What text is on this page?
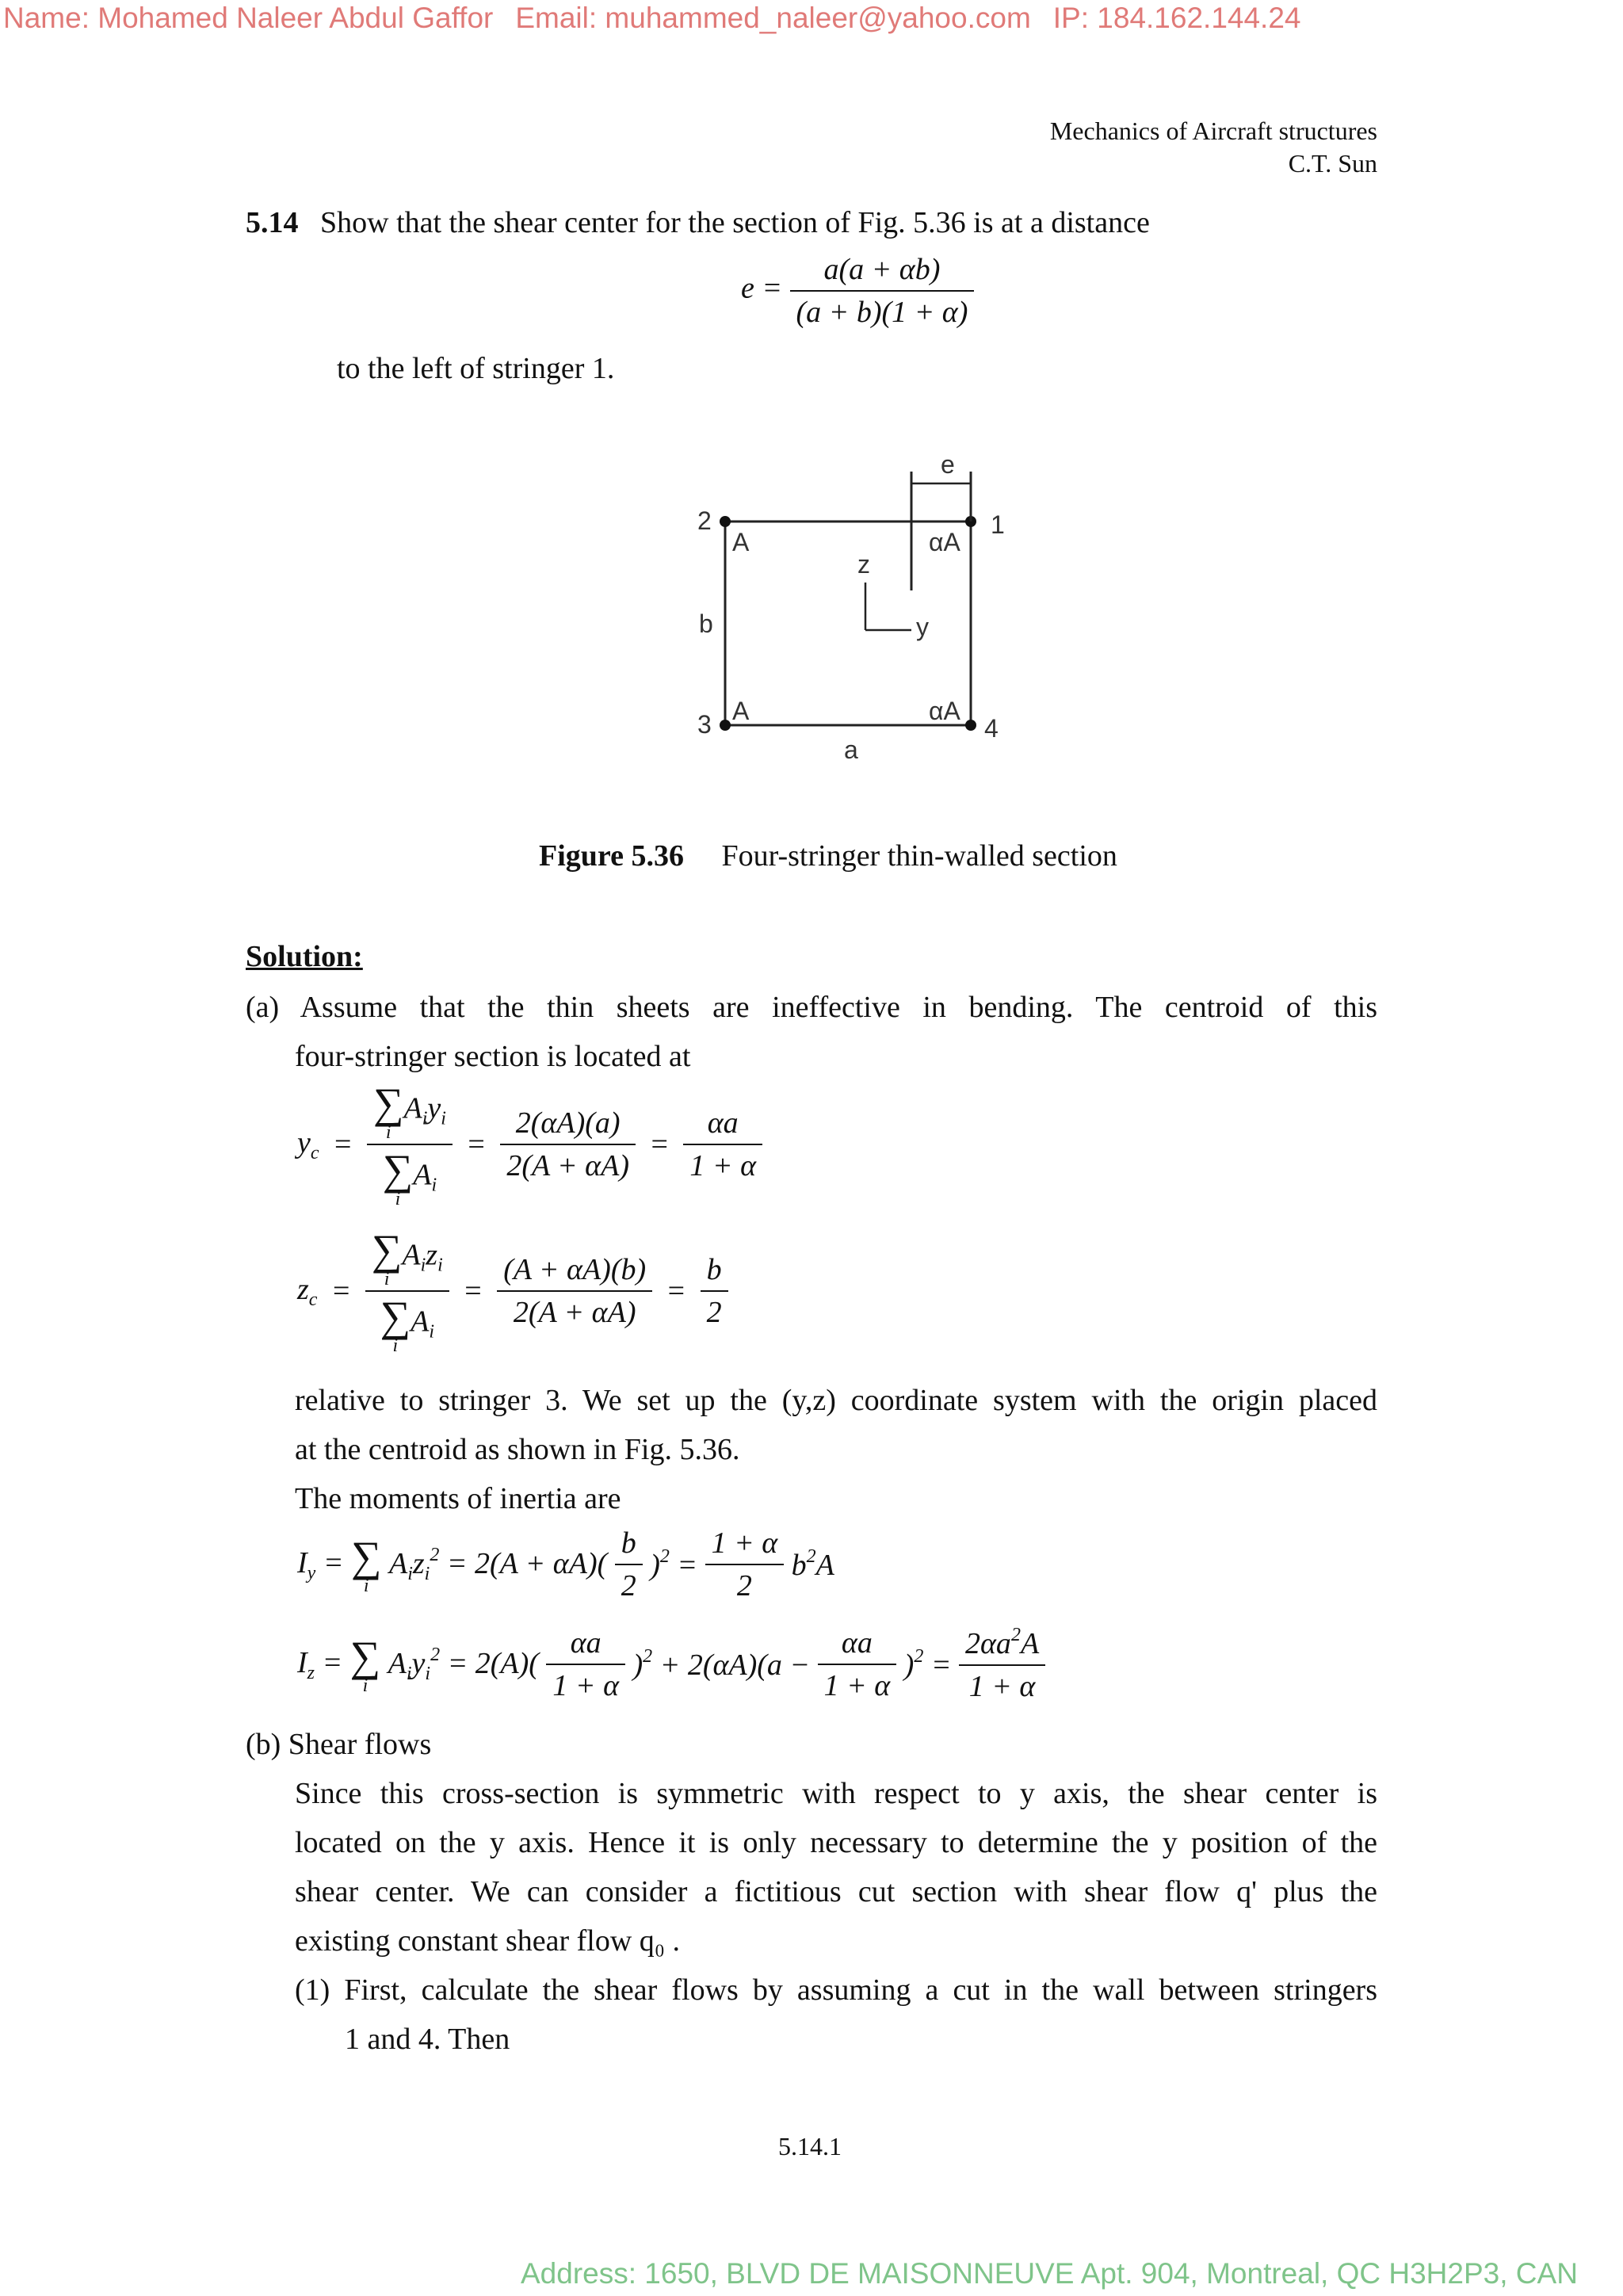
Name: Mohamed Naleer Abdul Gaffor Email: muhammed_naleer@yahoo.com IP: 184.162.144.24
Mechanics of Aircraft structures
C.T. Sun
5.14 Show that the shear center for the section of Fig. 5.36 is at a distance
$e = \frac{a(a + \alpha b)}{(a + b)(1 + \alpha)}$
to the left of stringer 1.
e
1
2
3	4
A
A
αA
αA
b
a
z
y
Figure 5.36 Four-stringer thin-walled section
Solution:
(a) Assume that the thin sheets are ineffective in bending. The centroid of this
four-stringer section is located at
$y_c$ = ∑
i
$A_iy_i$
∑
i
$A_i = \frac{2(\alpha A)(a)}{2(A + \alpha A)} = \frac{\alpha a}{1 + \alpha}$
$z_c$ = ∑
i
$A_iz_i$
∑
i
$A_i = \frac{(A + \alpha A)(b)}{2(A + \alpha A)} = \frac{b}{2}$
relative to stringer 3. We set up the (y,z) coordinate system with the origin placed
at the centroid as shown in Fig. 5.36.
The moments of inertia are
$I_y$ = ∑
i
$A_iz_i^2 = 2(A + \alpha A)( \frac{b}{2} )^2 = \frac{1 + \alpha}{2} b^2A$
$I_z$ = ∑
i
$A_iy_i^2 = 2(A)( \frac{\alpha a}{1 + \alpha} )^2 + 2(\alpha A)(a - \frac{\alpha a}{1 + \alpha} )^2 = \frac{2\alpha a^2A}{1 + \alpha}$
(b) Shear flows
Since this cross-section is symmetric with respect to y axis, the shear center is
located on the y axis. Hence it is only necessary to determine the y position of the
shear center. We can consider a fictitious cut section with shear flow q' plus the
existing constant shear flow q₀ .
(1) First, calculate the shear flows by assuming a cut in the wall between stringers
1 and 4. Then
5.14.1
Address: 1650, BLVD DE MAISONNEUVE Apt. 904, Montreal, QC H3H2P3, CAN
